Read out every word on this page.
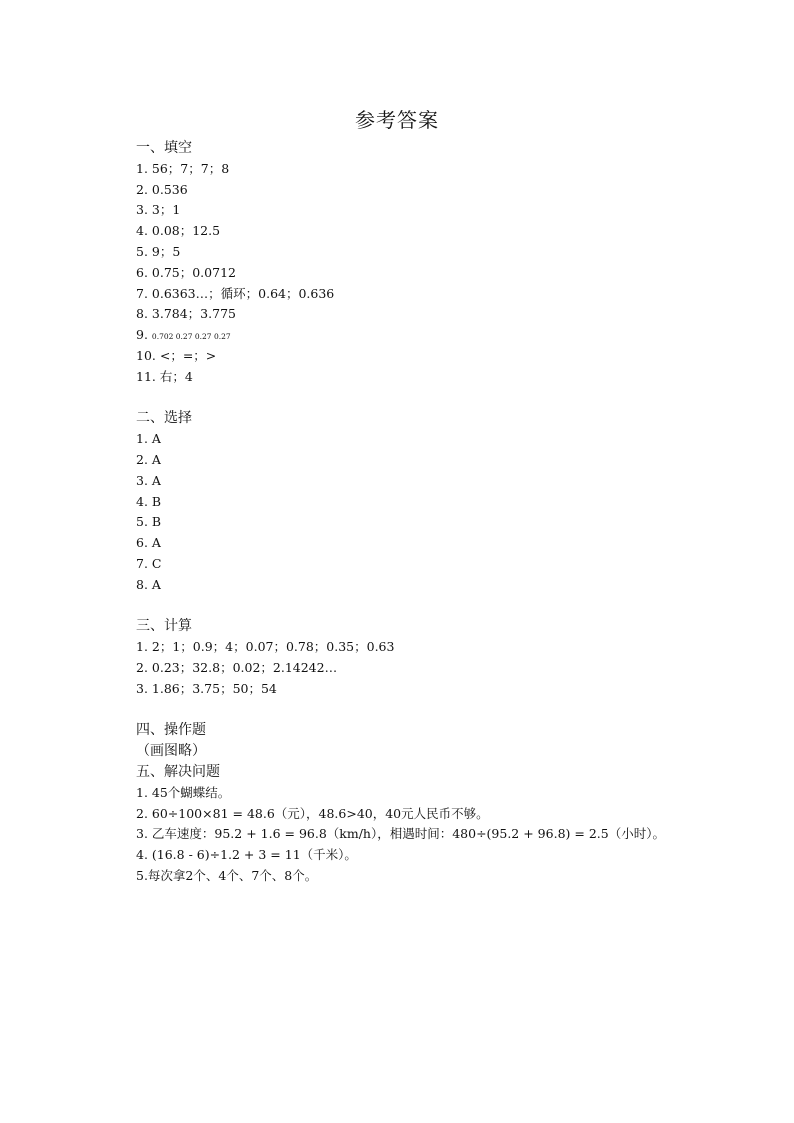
参考答案
一、填空
1. 56；7；7；8
2. 0.536
3. 3；1
4. 0.08；12.5
5. 9；5
6. 0.75；0.0712
7. 0.6363…；循环；0.64；0.636
8. 3.784；3.775
9. 0.702 0.27 0.27 0.27
10. <；=；>
11. 右；4
二、选择
1. A
2. A
3. A
4. B
5. B
6. A
7. C
8. A
三、计算
1. 2；1；0.9；4；0.07；0.78；0.35；0.63
2. 0.23；32.8；0.02；2.14242…
3. 1.86；3.75；50；54
四、操作题
（画图略）
五、解决问题
1. 45个蝴蝶结。
2. 60÷100×81 = 48.6（元），48.6>40，40元人民币不够。
3. 乙车速度：95.2 + 1.6 = 96.8（km/h），相遇时间：480÷(95.2 + 96.8) = 2.5（小时）。
4. (16.8 - 6)÷1.2 + 3 = 11（千米）。
5.每次拿2个、4个、7个、8个。
